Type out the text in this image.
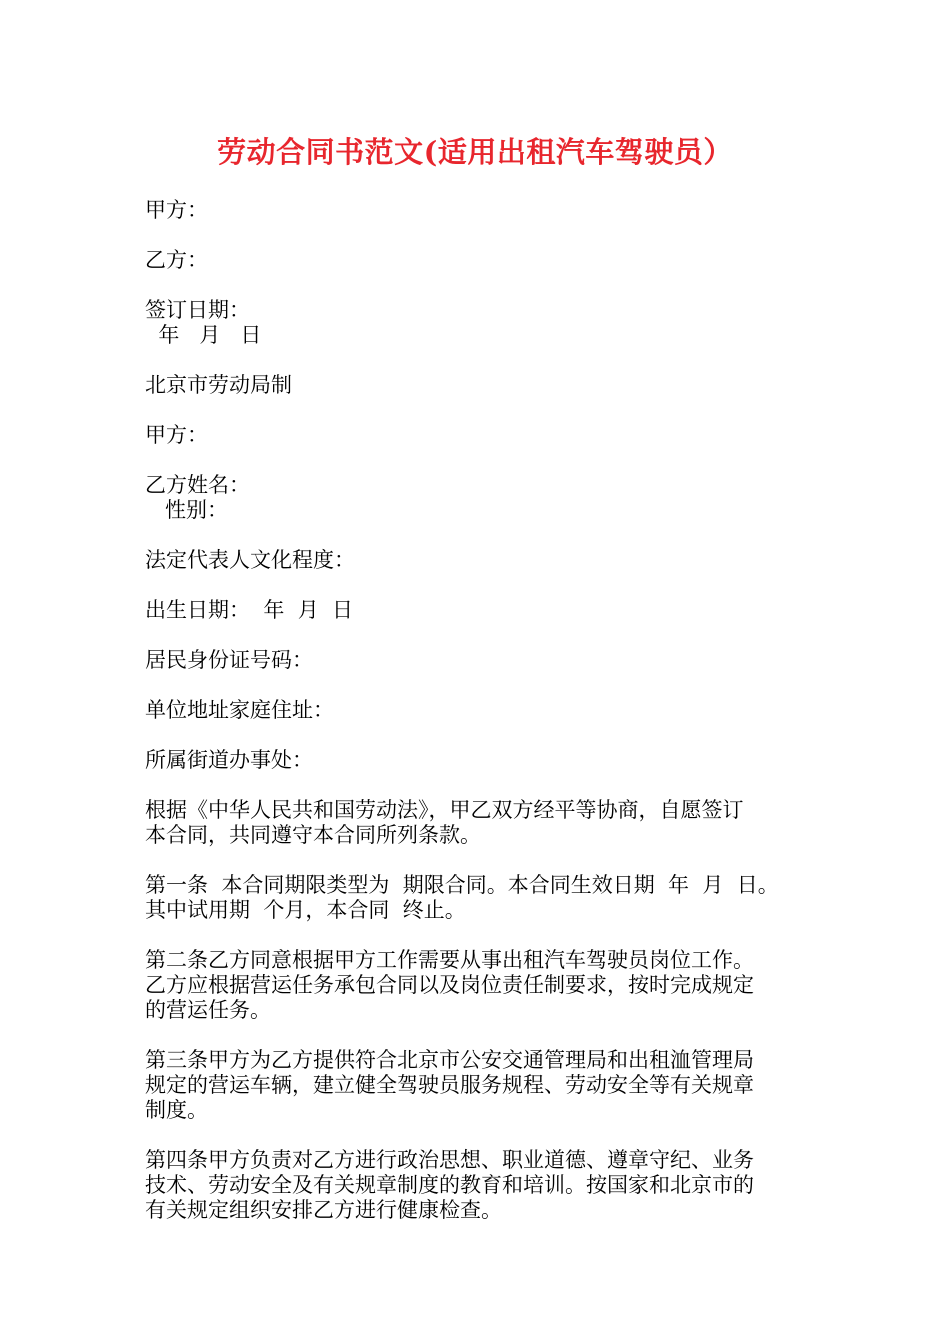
劳动合同书范文(适用出租汽车驾驶员）
甲方：
乙方：
签订日期：
年   月   日
北京市劳动局制
甲方：
乙方姓名：
性别：
法定代表人文化程度：
出生日期：  年  月  日
居民身份证号码：
单位地址家庭住址：
所属街道办事处：
根据《中华人民共和国劳动法》，甲乙双方经平等协商，自愿签订
本合同，共同遵守本合同所列条款。
第一条  本合同期限类型为  期限合同。本合同生效日期  年  月  日。
其中试用期  个月，本合同  终止。
第二条乙方同意根据甲方工作需要从事出租汽车驾驶员岗位工作。
乙方应根据营运任务承包合同以及岗位责任制要求，按时完成规定
的营运任务。
第三条甲方为乙方提供符合北京市公安交通管理局和出租洫管理局
规定的营运车辆，建立健全驾驶员服务规程、劳动安全等有关规章
制度。
第四条甲方负责对乙方进行政治思想、职业道德、遵章守纪、业务
技术、劳动安全及有关规章制度的教育和培训。按国家和北京市的
有关规定组织安排乙方进行健康检查。
